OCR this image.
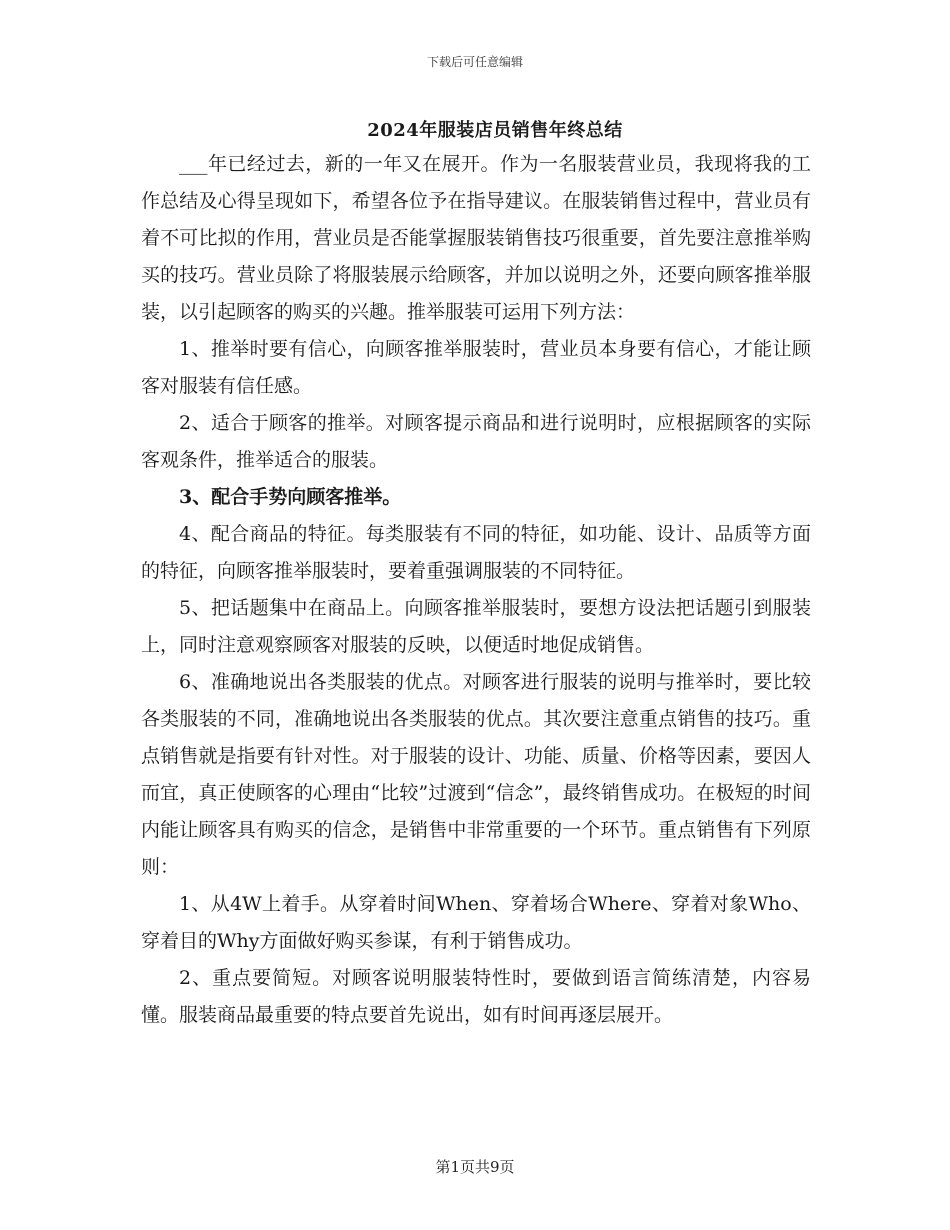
下载后可任意编辑
2024年服装店员销售年终总结

___年已经过去，新的一年又在展开。作为一名服装营业员，我现将我的工作总结及心得呈现如下，希望各位予在指导建议。在服装销售过程中，营业员有着不可比拟的作用，营业员是否能掌握服装销售技巧很重要，首先要注意推举购买的技巧。营业员除了将服装展示给顾客，并加以说明之外，还要向顾客推举服装，以引起顾客的购买的兴趣。推举服装可运用下列方法：

1、推举时要有信心，向顾客推举服装时，营业员本身要有信心，才能让顾客对服装有信任感。

2、适合于顾客的推举。对顾客提示商品和进行说明时，应根据顾客的实际客观条件，推举适合的服装。

3、配合手势向顾客推举。

4、配合商品的特征。每类服装有不同的特征，如功能、设计、品质等方面的特征，向顾客推举服装时，要着重强调服装的不同特征。

5、把话题集中在商品上。向顾客推举服装时，要想方设法把话题引到服装上，同时注意观察顾客对服装的反映，以便适时地促成销售。

6、准确地说出各类服装的优点。对顾客进行服装的说明与推举时，要比较各类服装的不同，准确地说出各类服装的优点。其次要注意重点销售的技巧。重点销售就是指要有针对性。对于服装的设计、功能、质量、价格等因素，要因人而宜，真正使顾客的心理由“比较”过渡到“信念”，最终销售成功。在极短的时间内能让顾客具有购买的信念，是销售中非常重要的一个环节。重点销售有下列原则：

1、从4W上着手。从穿着时间When、穿着场合Where、穿着对象Who、穿着目的Why方面做好购买参谋，有利于销售成功。

2、重点要简短。对顾客说明服装特性时，要做到语言简练清楚，内容易懂。服装商品最重要的特点要首先说出，如有时间再逐层展开。

第1页共9页
